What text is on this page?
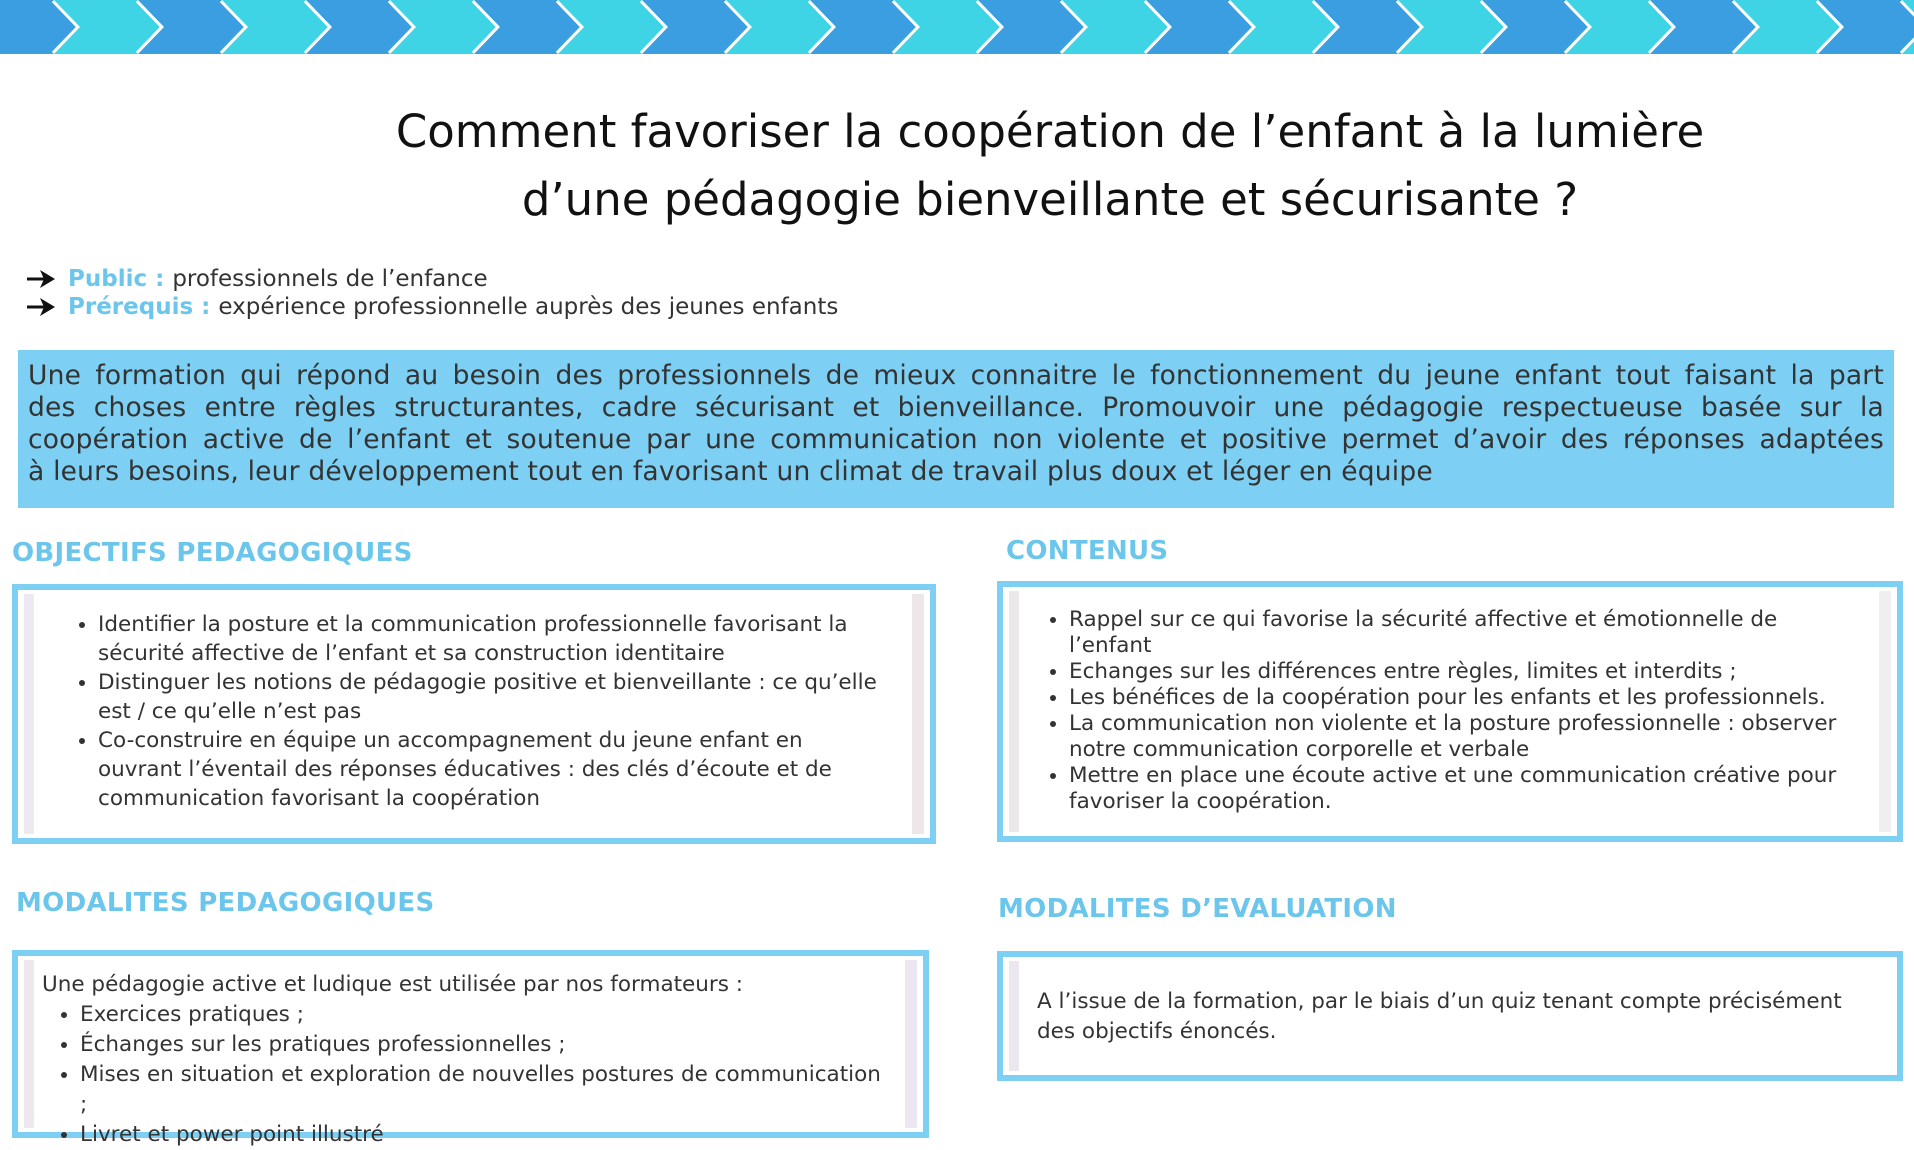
Comment favoriser la coopération de l’enfant à la lumière
d’une pédagogie bienveillante et sécurisante ?
Public : professionnels de l’enfance
Prérequis : expérience professionnelle auprès des jeunes enfants
Une formation qui répond au besoin des professionnels de mieux connaitre le fonctionnement du jeune enfant tout faisant la part
des choses entre règles structurantes, cadre sécurisant et bienveillance. Promouvoir une pédagogie respectueuse basée sur la
coopération active de l’enfant et soutenue par une communication non violente et positive permet d’avoir des réponses adaptées
à leurs besoins, leur développement tout en favorisant un climat de travail plus doux et léger en équipe
OBJECTIFS PEDAGOGIQUES
• Identifier la posture et la communication professionnelle favorisant la sécurité affective de l’enfant et sa construction identitaire
• Distinguer les notions de pédagogie positive et bienveillante : ce qu’elle est / ce qu’elle n’est pas
• Co-construire en équipe un accompagnement du jeune enfant en ouvrant l’éventail des réponses éducatives : des clés d’écoute et de communication favorisant la coopération
CONTENUS
• Rappel sur ce qui favorise la sécurité affective et émotionnelle de l’enfant
• Echanges sur les différences entre règles, limites et interdits ;
• Les bénéfices de la coopération pour les enfants et les professionnels.
• La communication non violente et la posture professionnelle : observer notre communication corporelle et verbale
• Mettre en place une écoute active et une communication créative pour favoriser la coopération.
MODALITES PEDAGOGIQUES
Une pédagogie active et ludique est utilisée par nos formateurs :
• Exercices pratiques ;
• Échanges sur les pratiques professionnelles ;
• Mises en situation et exploration de nouvelles postures de communication ;
• Livret et power point illustré
MODALITES D’EVALUATION
A l’issue de la formation, par le biais d’un quiz tenant compte précisément des objectifs énoncés.
